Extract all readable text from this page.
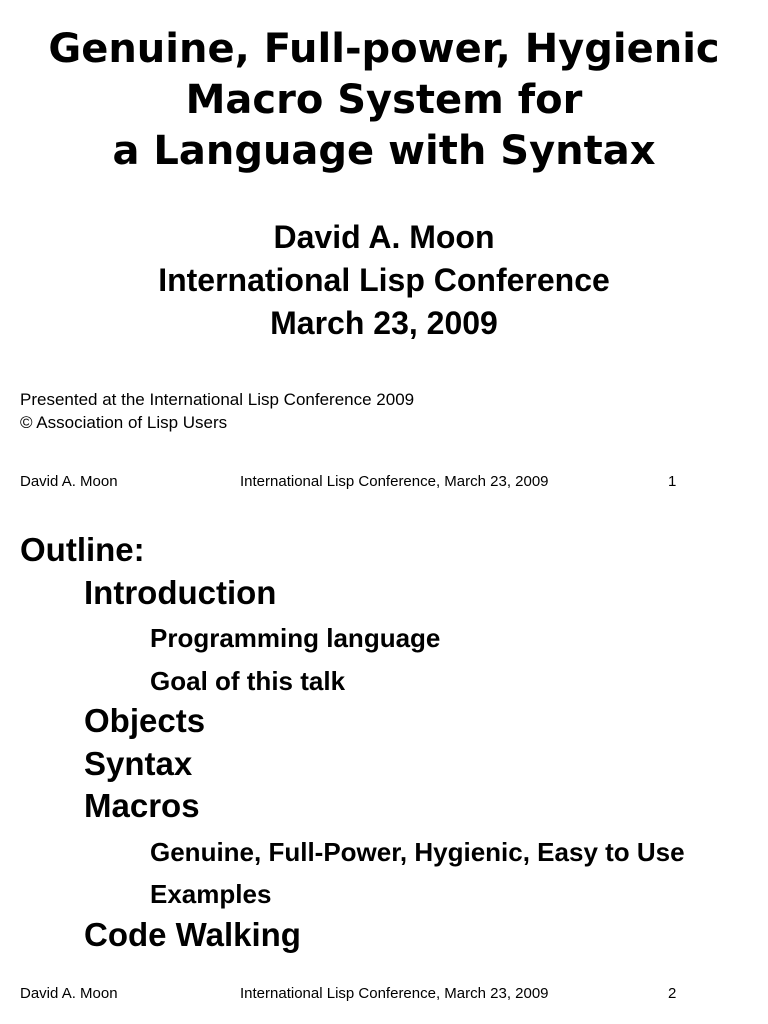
Genuine, Full-power, Hygienic
Macro System for
a Language with Syntax
David A. Moon
International Lisp Conference
March 23, 2009
Presented at the International Lisp Conference 2009
© Association of Lisp Users
David A. Moon	International Lisp Conference, March 23, 2009	1
Outline:
Introduction
Programming language
Goal of this talk
Objects
Syntax
Macros
Genuine, Full-Power, Hygienic, Easy to Use
Examples
Code Walking
David A. Moon	International Lisp Conference, March 23, 2009	2
